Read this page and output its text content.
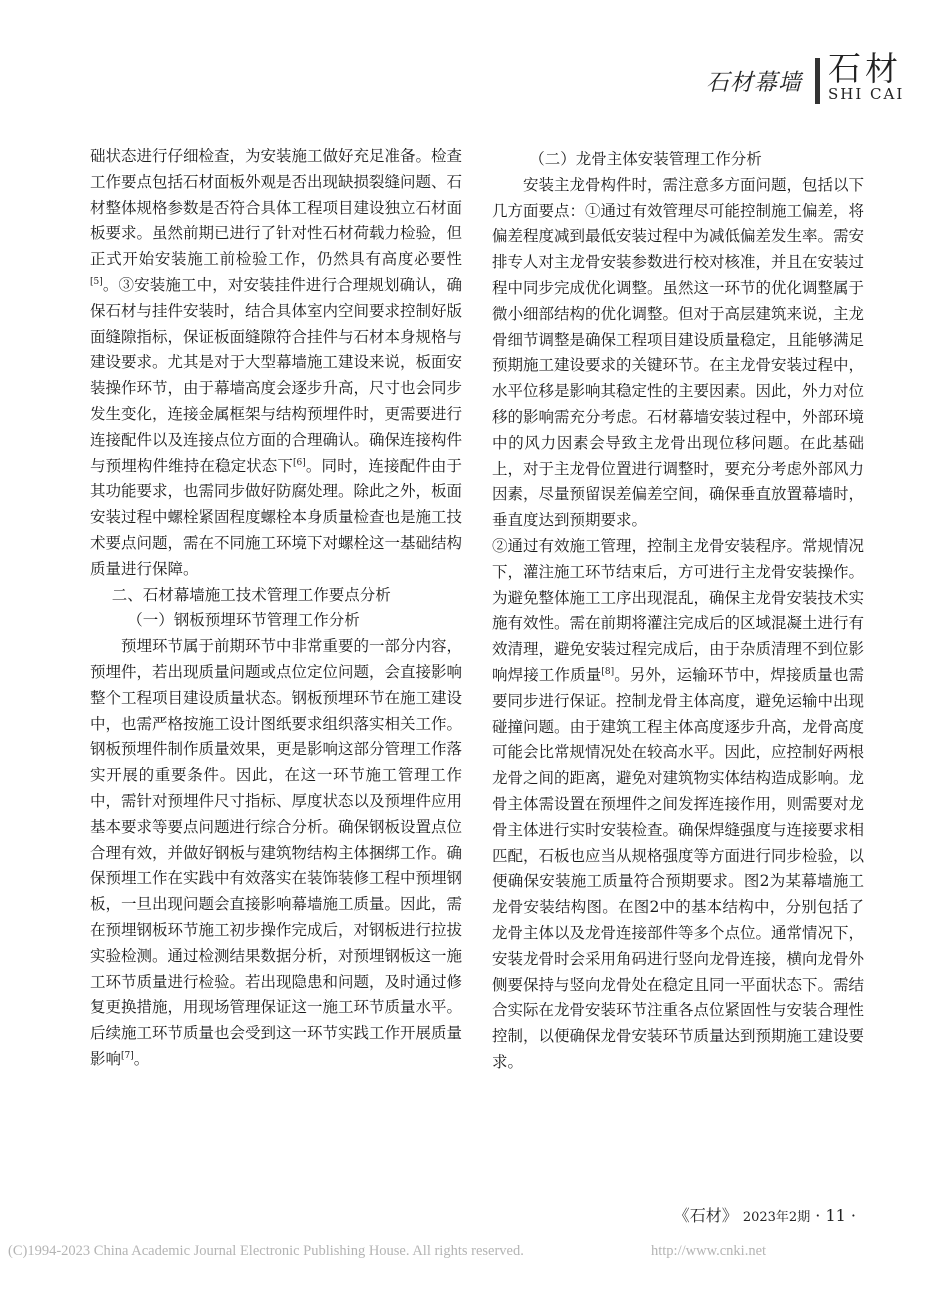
石材幕墙 石材
SHI CAI

础状态进行仔细检查，为安装施工做好充足准备。检查工作要点包括石材面板外观是否出现缺损裂缝问题、石材整体规格参数是否符合具体工程项目建设独立石材面板要求。虽然前期已进行了针对性石材荷载力检验，但正式开始安装施工前检验工作，仍然具有高度必要性[5]。③安装施工中，对安装挂件进行合理规划确认，确保石材与挂件安装时，结合具体室内空间要求控制好版面缝隙指标，保证板面缝隙符合挂件与石材本身规格与建设要求。尤其是对于大型幕墙施工建设来说，板面安装操作环节，由于幕墙高度会逐步升高，尺寸也会同步发生变化，连接金属框架与结构预埋件时，更需要进行连接配件以及连接点位方面的合理确认。确保连接构件与预埋构件维持在稳定状态下[6]。同时，连接配件由于其功能要求，也需同步做好防腐处理。除此之外，板面安装过程中螺栓紧固程度螺栓本身质量检查也是施工技术要点问题，需在不同施工环境下对螺栓这一基础结构质量进行保障。

二、石材幕墙施工技术管理工作要点分析

（一）钢板预埋环节管理工作分析

预埋环节属于前期环节中非常重要的一部分内容，预埋件，若出现质量问题或点位定位问题，会直接影响整个工程项目建设质量状态。钢板预埋环节在施工建设中，也需严格按施工设计图纸要求组织落实相关工作。钢板预埋件制作质量效果，更是影响这部分管理工作落实开展的重要条件。因此，在这一环节施工管理工作中，需针对预埋件尺寸指标、厚度状态以及预埋件应用基本要求等要点问题进行综合分析。确保钢板设置点位合理有效，并做好钢板与建筑物结构主体捆绑工作。确保预埋工作在实践中有效落实在装饰装修工程中预埋钢板，一旦出现问题会直接影响幕墙施工质量。因此，需在预埋钢板环节施工初步操作完成后，对钢板进行拉拔实验检测。通过检测结果数据分析，对预埋钢板这一施工环节质量进行检验。若出现隐患和问题，及时通过修复更换措施，用现场管理保证这一施工环节质量水平。后续施工环节质量也会受到这一环节实践工作开展质量影响[7]。

（二）龙骨主体安装管理工作分析

安装主龙骨构件时，需注意多方面问题，包括以下几方面要点：①通过有效管理尽可能控制施工偏差，将偏差程度减到最低安装过程中为减低偏差发生率。需安排专人对主龙骨安装参数进行校对核准，并且在安装过程中同步完成优化调整。虽然这一环节的优化调整属于微小细部结构的优化调整。但对于高层建筑来说，主龙骨细节调整是确保工程项目建设质量稳定，且能够满足预期施工建设要求的关键环节。在主龙骨安装过程中，水平位移是影响其稳定性的主要因素。因此，外力对位移的影响需充分考虑。石材幕墙安装过程中，外部环境中的风力因素会导致主龙骨出现位移问题。在此基础上，对于主龙骨位置进行调整时，要充分考虑外部风力因素，尽量预留误差偏差空间，确保垂直放置幕墙时，垂直度达到预期要求。

②通过有效施工管理，控制主龙骨安装程序。常规情况下，灌注施工环节结束后，方可进行主龙骨安装操作。为避免整体施工工序出现混乱，确保主龙骨安装技术实施有效性。需在前期将灌注完成后的区域混凝土进行有效清理，避免安装过程完成后，由于杂质清理不到位影响焊接工作质量[8]。另外，运输环节中，焊接质量也需要同步进行保证。控制龙骨主体高度，避免运输中出现碰撞问题。由于建筑工程主体高度逐步升高，龙骨高度可能会比常规情况处在较高水平。因此，应控制好两根龙骨之间的距离，避免对建筑物实体结构造成影响。龙骨主体需设置在预埋件之间发挥连接作用，则需要对龙骨主体进行实时安装检查。确保焊缝强度与连接要求相匹配，石板也应当从规格强度等方面进行同步检验，以便确保安装施工质量符合预期要求。图2为某幕墙施工龙骨安装结构图。在图2中的基本结构中，分别包括了龙骨主体以及龙骨连接部件等多个点位。通常情况下，安装龙骨时会采用角码进行竖向龙骨连接，横向龙骨外侧要保持与竖向龙骨处在稳定且同一平面状态下。需结合实际在龙骨安装环节注重各点位紧固性与安装合理性控制，以便确保龙骨安装环节质量达到预期施工建设要求。

《石材》 2023年2期 · 11 ·
(C)1994-2023 China Academic Journal Electronic Publishing House. All rights reserved.	http://www.cnki.net
